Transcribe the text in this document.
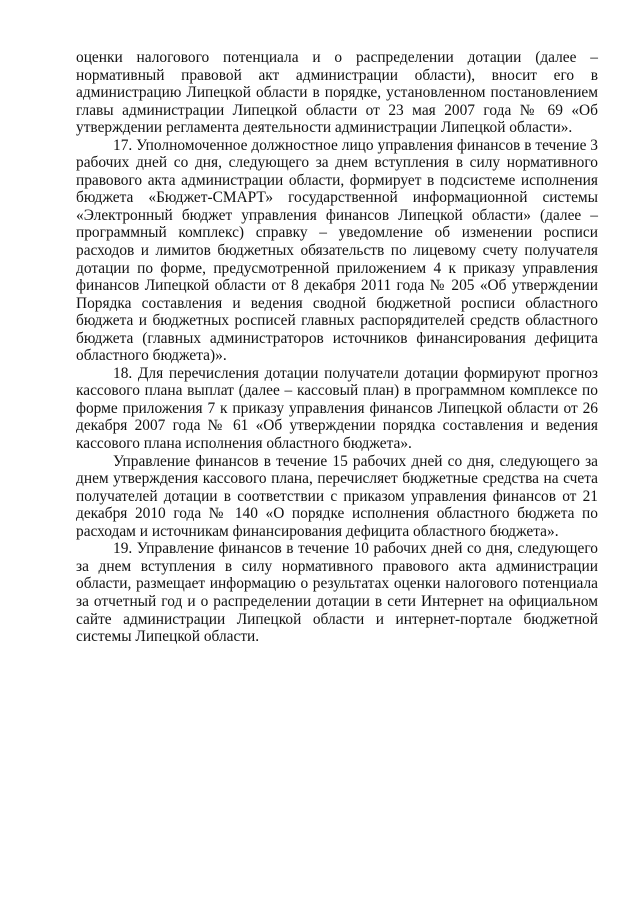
оценки налогового потенциала и о распределении дотации (далее – нормативный правовой акт администрации области), вносит его в администрацию Липецкой области в порядке, установленном постановлением главы администрации Липецкой области от 23 мая 2007 года № 69 «Об утверждении регламента деятельности администрации Липецкой области».

17. Уполномоченное должностное лицо управления финансов в течение 3 рабочих дней со дня, следующего за днем вступления в силу нормативного правового акта администрации области, формирует в подсистеме исполнения бюджета «Бюджет-СМАРТ» государственной информационной системы «Электронный бюджет управления финансов Липецкой области» (далее – программный комплекс) справку – уведомление об изменении росписи расходов и лимитов бюджетных обязательств по лицевому счету получателя дотации по форме, предусмотренной приложением 4 к приказу управления финансов Липецкой области от 8 декабря 2011 года № 205 «Об утверждении Порядка составления и ведения сводной бюджетной росписи областного бюджета и бюджетных росписей главных распорядителей средств областного бюджета (главных администраторов источников финансирования дефицита областного бюджета)».

18. Для перечисления дотации получатели дотации формируют прогноз кассового плана выплат (далее – кассовый план) в программном комплексе по форме приложения 7 к приказу управления финансов Липецкой области от 26 декабря 2007 года № 61 «Об утверждении порядка составления и ведения кассового плана исполнения областного бюджета».

Управление финансов в течение 15 рабочих дней со дня, следующего за днем утверждения кассового плана, перечисляет бюджетные средства на счета получателей дотации в соответствии с приказом управления финансов от 21 декабря 2010 года № 140 «О порядке исполнения областного бюджета по расходам и источникам финансирования дефицита областного бюджета».

19. Управление финансов в течение 10 рабочих дней со дня, следующего за днем вступления в силу нормативного правового акта администрации области, размещает информацию о результатах оценки налогового потенциала за отчетный год и о распределении дотации в сети Интернет на официальном сайте администрации Липецкой области и интернет-портале бюджетной системы Липецкой области.
